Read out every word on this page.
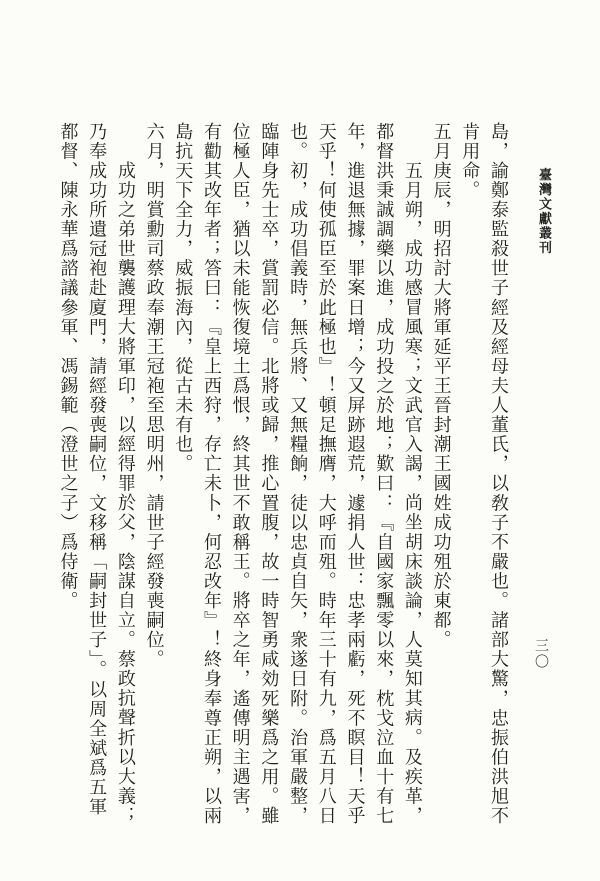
臺灣文獻叢刊
三〇
島，諭鄭泰監殺世子經及經母夫人董氏，以敎子不嚴也。諸部大驚，忠振伯洪旭不
肯用命。
五月庚辰，明招討大將軍延平王晉封潮王國姓成功殂於東都。
五月朔，成功感冒風寒；文武官入謁，尚坐胡床談論，人莫知其病。及疾革，
都督洪秉誠調藥以進，成功投之於地；歎曰：『自國家飄零以來，枕戈泣血十有七
年，進退無據，罪案日增；今又屏跡遐荒，遽捐人世：忠孝兩虧，死不瞑目！天乎
天乎！何使孤臣至於此極也』！頓足撫膺，大呼而殂。時年三十有九，爲五月八日
也。初，成功倡義時，無兵將、又無糧餉，徒以忠貞自矢，衆遂日附。治軍嚴整，
臨陣身先士卒，賞罰必信。北將或歸，推心置腹，故一時智勇咸効死樂爲之用。雖
位極人臣，猶以未能恢復境土爲恨，終其世不敢稱王。將卒之年，遙傳明主遇害，
有勸其改年者；答曰：『皇上西狩，存亡未卜，何忍改年』！終身奉尊正朔，以兩
島抗天下全力，威振海內，從古未有也。
六月，明賞勳司蔡政奉潮王冠袍至思明州，請世子經發喪嗣位。
成功之弟世襲護理大將軍印，以經得罪於父，陰謀自立。蔡政抗聲折以大義；
乃奉成功所遺冠袍赴廈門，請經發喪嗣位，文移稱「嗣封世子」。以周全斌爲五軍
都督、陳永華爲諮議參軍、馮錫範（澄世之子）爲侍衛。
